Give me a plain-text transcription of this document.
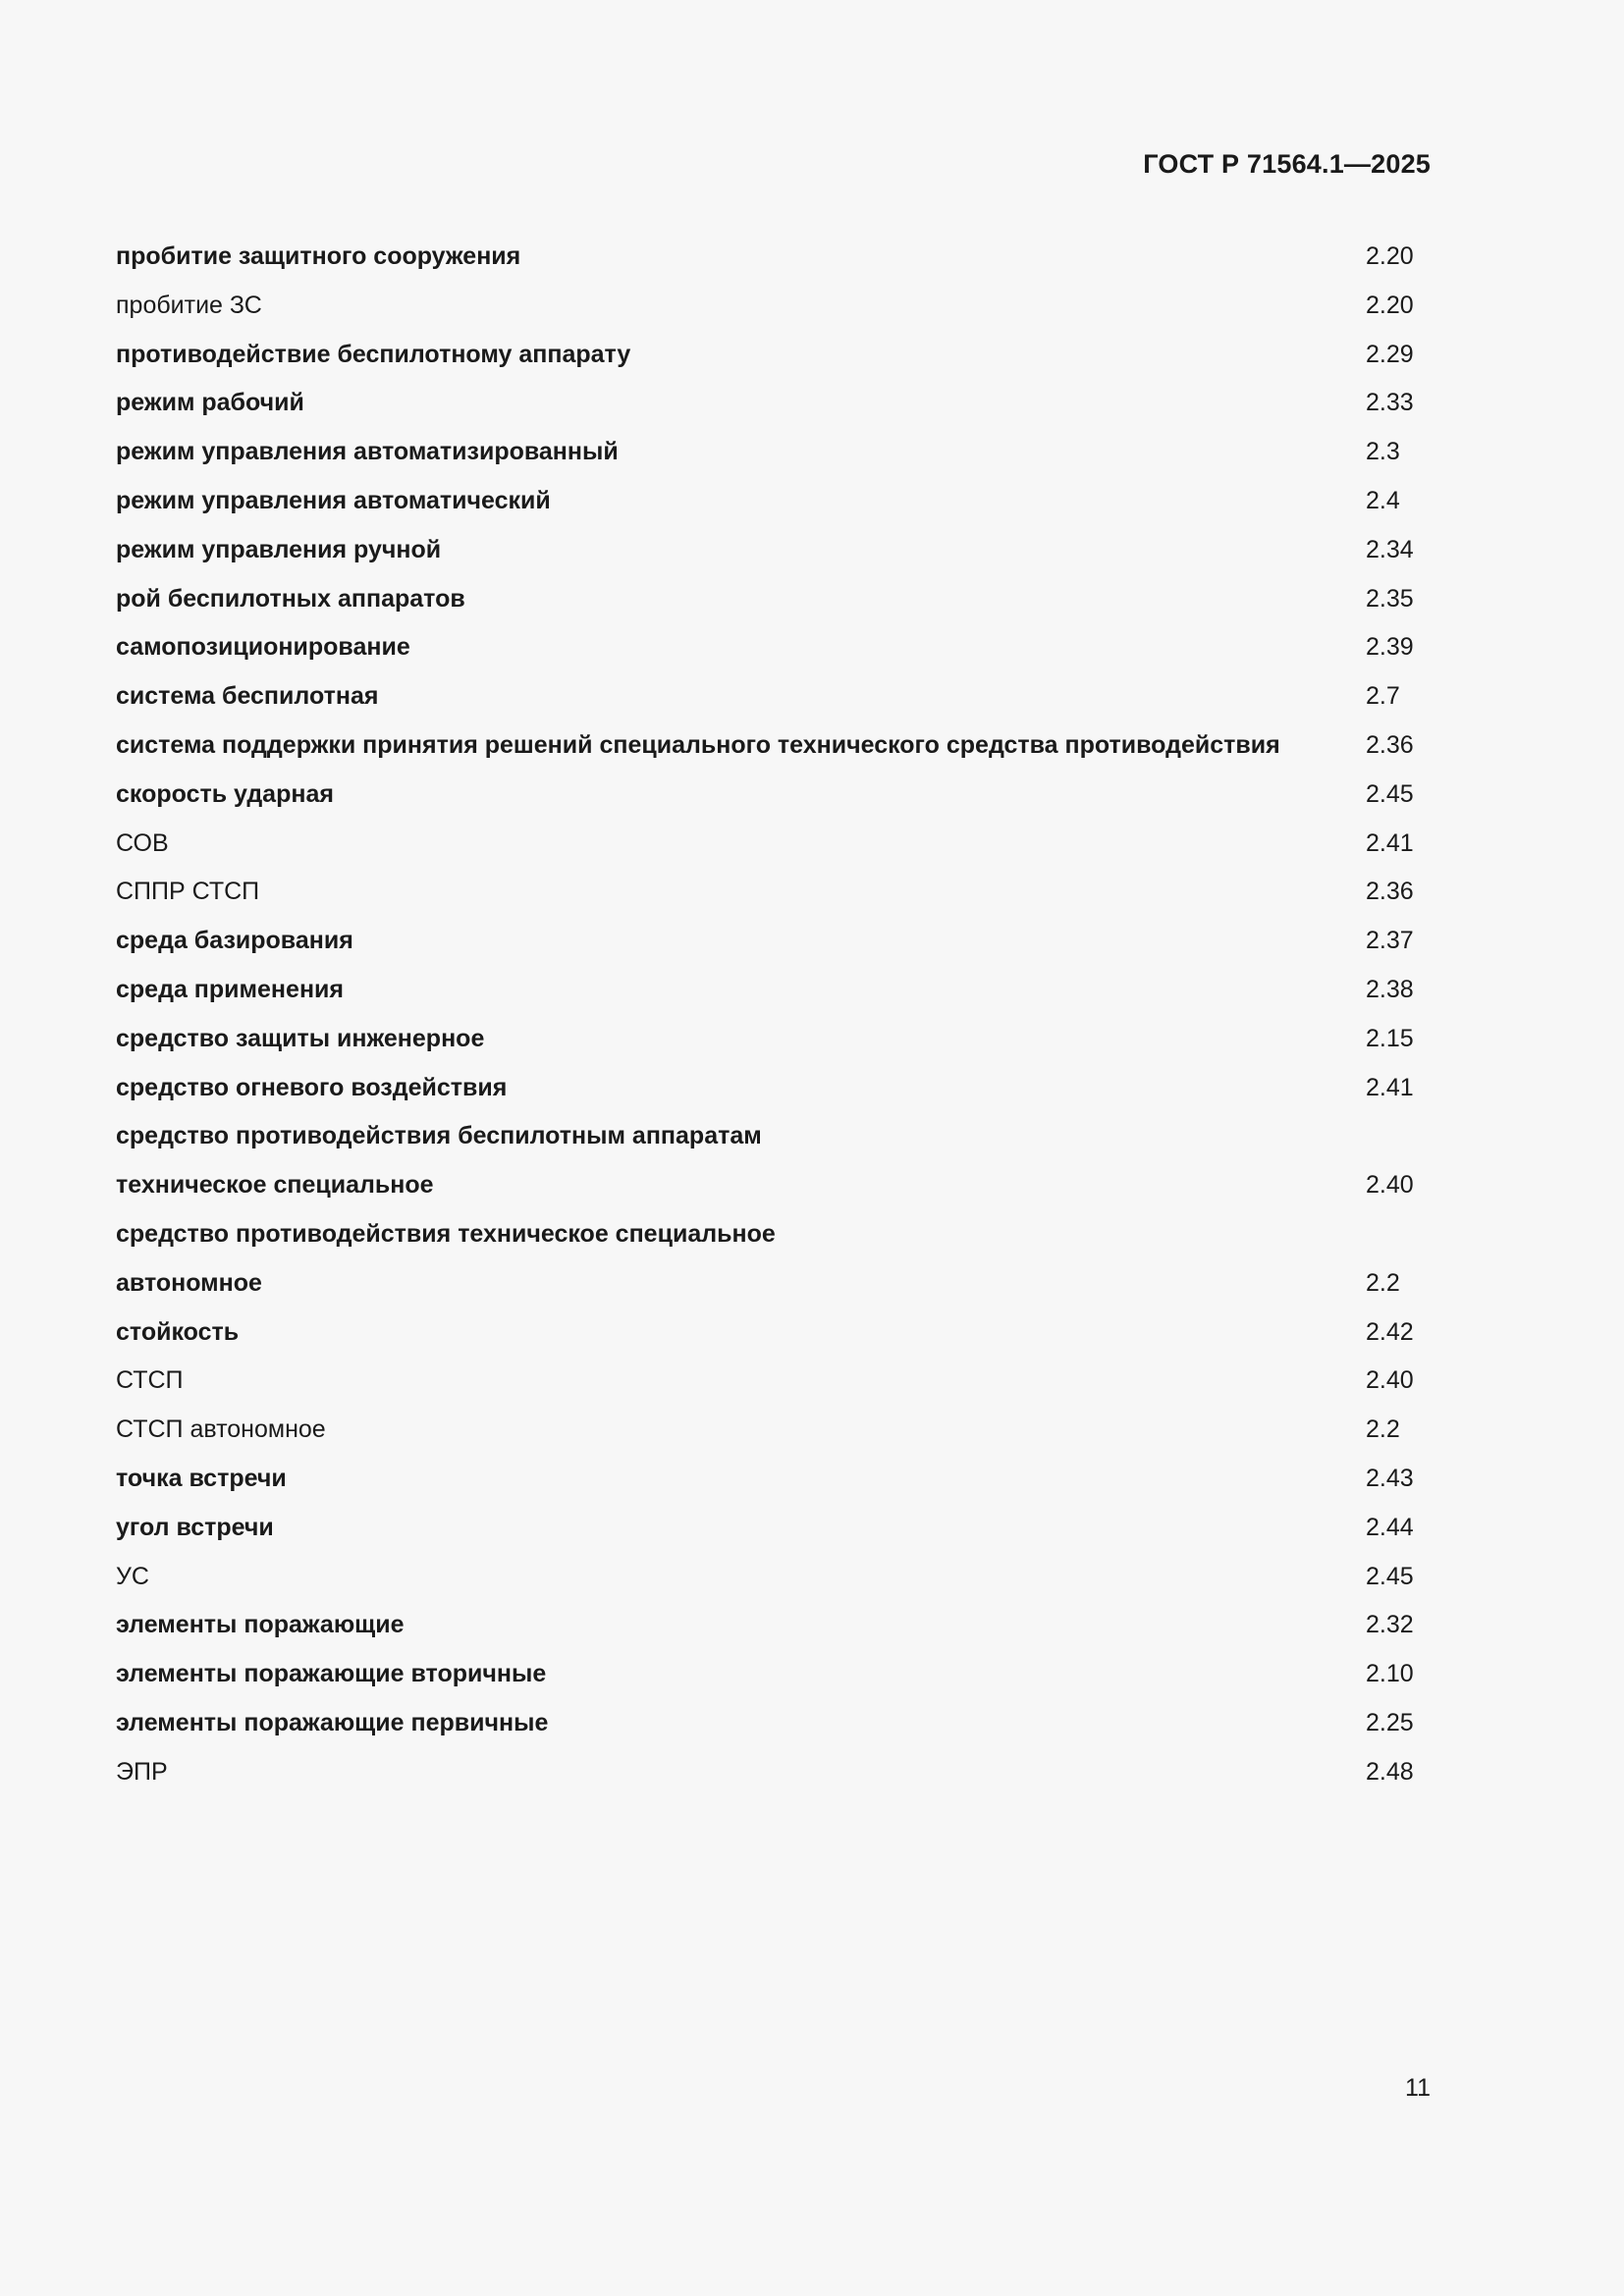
ГОСТ Р 71564.1—2025
пробитие защитного сооружения	2.20
пробитие ЗС	2.20
противодействие беспилотному аппарату	2.29
режим рабочий	2.33
режим управления автоматизированный	2.3
режим управления автоматический	2.4
режим управления ручной	2.34
рой беспилотных аппаратов	2.35
самопозиционирование	2.39
система беспилотная	2.7
система поддержки принятия решений специального технического средства противодействия	2.36
скорость ударная	2.45
СОВ	2.41
СППР СТСП	2.36
среда базирования	2.37
среда применения	2.38
средство защиты инженерное	2.15
средство огневого воздействия	2.41
средство противодействия беспилотным аппаратам
техническое специальное	2.40
средство противодействия техническое специальное
автономное	2.2
стойкость	2.42
СТСП	2.40
СТСП автономное	2.2
точка встречи	2.43
угол встречи	2.44
УС	2.45
элементы поражающие	2.32
элементы поражающие вторичные	2.10
элементы поражающие первичные	2.25
ЭПР	2.48
11
